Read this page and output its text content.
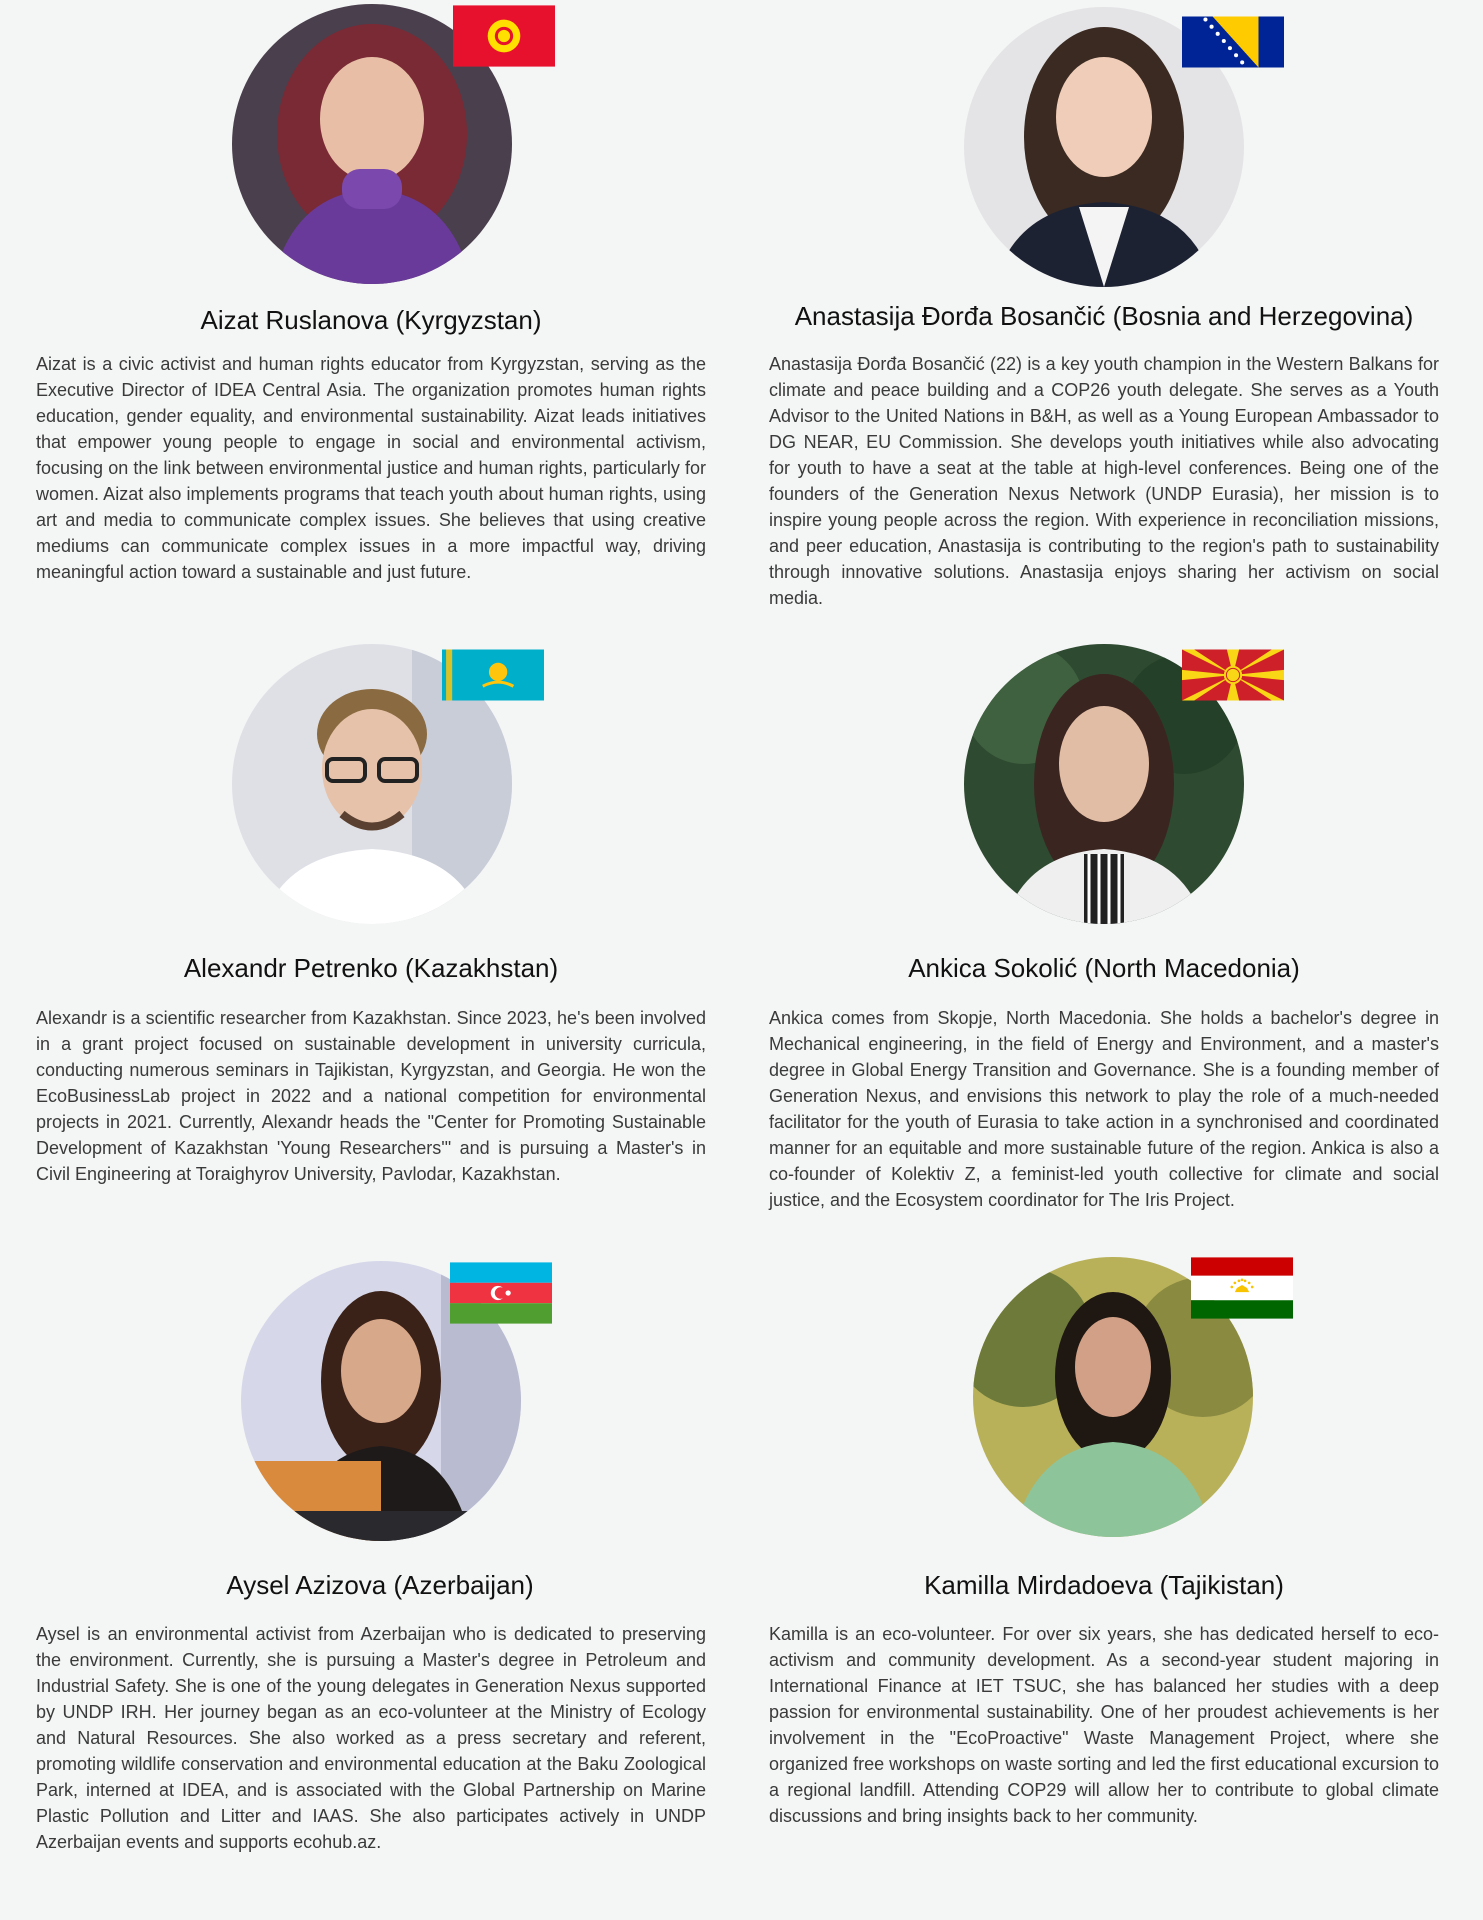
Aizat Ruslanova (Kyrgyzstan)

Aizat is a civic activist and human rights educator from Kyrgyzstan, serving as the Executive Director of IDEA Central Asia. The organization promotes human rights education, gender equality, and environmental sustainability. Aizat leads initiatives that empower young people to engage in social and environmental activism, focusing on the link between environmental justice and human rights, particularly for women. Aizat also implements programs that teach youth about human rights, using art and media to communicate complex issues. She believes that using creative mediums can communicate complex issues in a more impactful way, driving meaningful action toward a sustainable and just future.

Anastasija Đorđa Bosančić (Bosnia and Herzegovina)

Anastasija Đorđa Bosančić (22) is a key youth champion in the Western Balkans for climate and peace building and a COP26 youth delegate. She serves as a Youth Advisor to the United Nations in B&H, as well as a Young European Ambassador to DG NEAR, EU Commission. She develops youth initiatives while also advocating for youth to have a seat at the table at high-level conferences. Being one of the founders of the Generation Nexus Network (UNDP Eurasia), her mission is to inspire young people across the region. With experience in reconciliation missions, and peer education, Anastasija is contributing to the region's path to sustainability through innovative solutions. Anastasija enjoys sharing her activism on social media.

Alexandr Petrenko (Kazakhstan)

Alexandr is a scientific researcher from Kazakhstan. Since 2023, he's been involved in a grant project focused on sustainable development in university curricula, conducting numerous seminars in Tajikistan, Kyrgyzstan, and Georgia. He won the EcoBusinessLab project in 2022 and a national competition for environmental projects in 2021. Currently, Alexandr heads the "Center for Promoting Sustainable Development of Kazakhstan 'Young Researchers'" and is pursuing a Master's in Civil Engineering at Toraighyrov University, Pavlodar, Kazakhstan.

Ankica Sokolić (North Macedonia)

Ankica comes from Skopje, North Macedonia. She holds a bachelor's degree in Mechanical engineering, in the field of Energy and Environment, and a master's degree in Global Energy Transition and Governance. She is a founding member of Generation Nexus, and envisions this network to play the role of a much-needed facilitator for the youth of Eurasia to take action in a synchronised and coordinated manner for an equitable and more sustainable future of the region. Ankica is also a co-founder of Kolektiv Z, a feminist-led youth collective for climate and social justice, and the Ecosystem coordinator for The Iris Project.

Aysel Azizova (Azerbaijan)

Aysel is an environmental activist from Azerbaijan who is dedicated to preserving the environment. Currently, she is pursuing a Master's degree in Petroleum and Industrial Safety. She is one of the young delegates in Generation Nexus supported by UNDP IRH. Her journey began as an eco-volunteer at the Ministry of Ecology and Natural Resources. She also worked as a press secretary and referent, promoting wildlife conservation and environmental education at the Baku Zoological Park, interned at IDEA, and is associated with the Global Partnership on Marine Plastic Pollution and Litter and IAAS. She also participates actively in UNDP Azerbaijan events and supports ecohub.az.

Kamilla Mirdadoeva (Tajikistan)

Kamilla is an eco-volunteer. For over six years, she has dedicated herself to eco-activism and community development. As a second-year student majoring in International Finance at IET TSUC, she has balanced her studies with a deep passion for environmental sustainability. One of her proudest achievements is her involvement in the "EcoProactive" Waste Management Project, where she organized free workshops on waste sorting and led the first educational excursion to a regional landfill. Attending COP29 will allow her to contribute to global climate discussions and bring insights back to her community.
